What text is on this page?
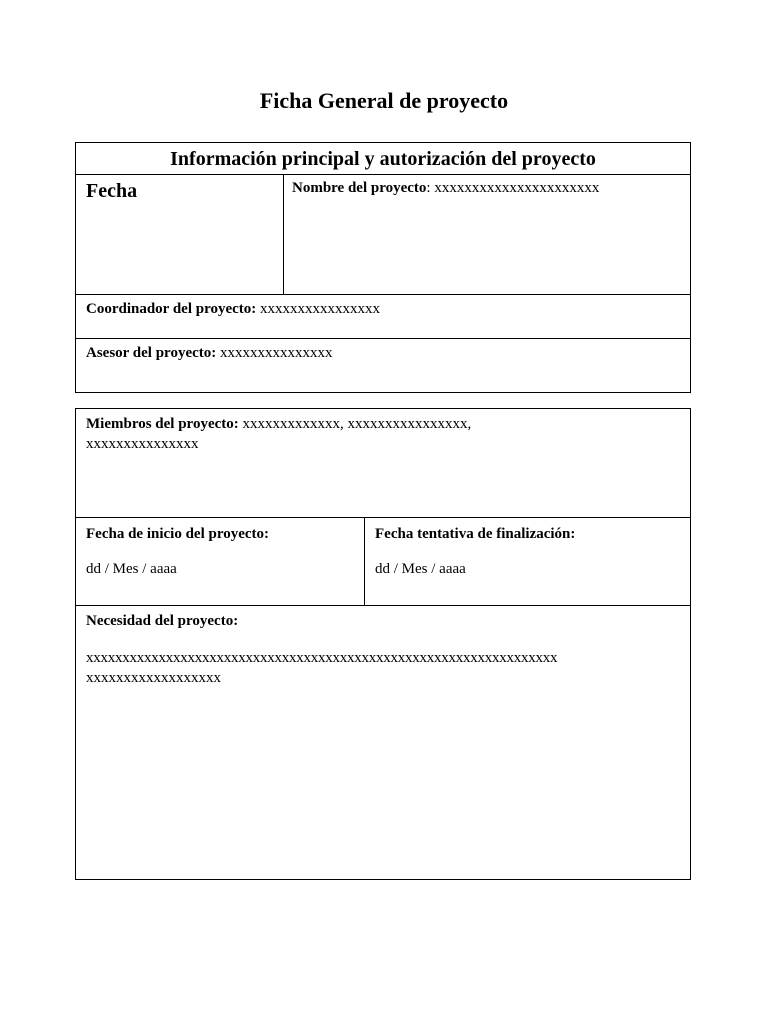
Ficha General de proyecto
Información principal y autorización del proyecto
Fecha	Nombre del proyecto: xxxxxxxxxxxxxxxxxxxxxx
Coordinador del proyecto: xxxxxxxxxxxxxxxx
Asesor del proyecto: xxxxxxxxxxxxxxx
Miembros del proyecto: xxxxxxxxxxxxx, xxxxxxxxxxxxxxxx,
xxxxxxxxxxxxxxx
Fecha de inicio del proyecto:
dd / Mes / aaaa
Fecha tentativa de finalización:
dd / Mes / aaaa
Necesidad del proyecto:
xxxxxxxxxxxxxxxxxxxxxxxxxxxxxxxxxxxxxxxxxxxxxxxxxxxxxxxxxxxxxxxxx
xxxxxxxxxxxxxxxxxx
